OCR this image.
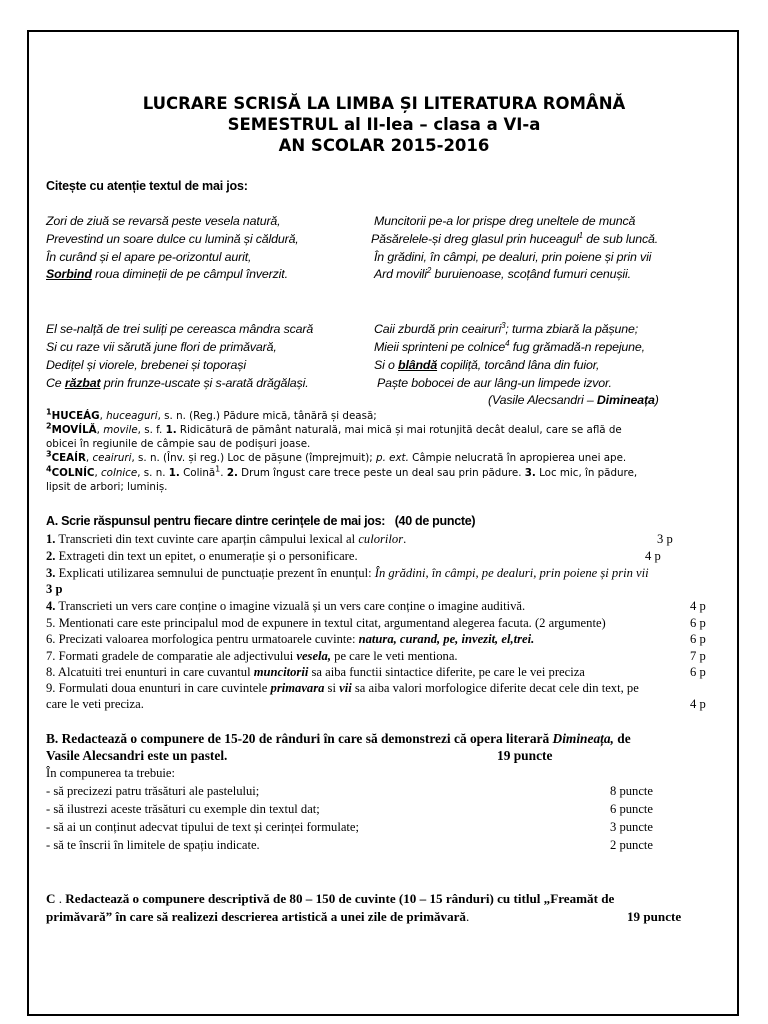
LUCRARE SCRISĂ LA LIMBA ȘI LITERATURA ROMÂNĂ
SEMESTRUL al II-lea – clasa a VI-a
AN SCOLAR 2015-2016
Citește cu atenție textul de mai jos:
Zori de ziuă se revarsă peste vesela natură,
Prevestind un soare dulce cu lumină și căldură,
În curând și el apare pe-orizontul aurit,
Sorbind roua dimineții de pe câmpul înverzit.
Muncitorii pe-a lor prispe dreg uneltele de muncă
Păsărelele-și dreg glasul prin huceagul$^1$ de sub luncă.
În grădini, în câmpi, pe dealuri, prin poiene și prin vii
Ard movili$^2$ buruienoase, scoțând fumuri cenușii.
El se-nalță de trei suliți pe cereasca mândra scară
Si cu raze vii sărută june flori de primăvară,
Dedițel și viorele, brebenei și toporași
Ce răzbat prin frunze-uscate și s-arată drăgălași.
Caii zburdă prin ceairuri$^3$; turma zbiară la pășune;
Mieii sprinteni pe colnice$^4$ fug grămadă-n repejune,
Si o blândă copiliță, torcând lâna din fuior,
Paște bobocei de aur lâng-un limpede izvor.
(Vasile Alecsandri – Dimineața)
$^1$HUCEÁG, huceaguri, s. n. (Reg.) Pădure mică, tânără și deasă;
$^2$MOVÍLĂ, movile, s. f. 1. Ridicătură de pământ naturală, mai mică și mai rotunjită decât dealul, care se află de
obicei în regiunile de câmpie sau de podișuri joase.
$^3$CEAÍR, ceairuri, s. n. (Înv. și reg.) Loc de pășune (împrejmuit); p. ext. Câmpie nelucrată în apropierea unei ape.
$^4$COLNÍC, colnice, s. n. 1. Colină$^1$. 2. Drum îngust care trece peste un deal sau prin pădure. 3. Loc mic, în pădure,
lipsit de arbori; luminiș.
A. Scrie răspunsul pentru fiecare dintre cerințele de mai jos: (40 de puncte)
1. Transcrieti din text cuvinte care aparțin câmpului lexical al culorilor.	3 p
2. Extrageti din text un epitet, o enumerație și o personificare.	4 p
3. Explicati utilizarea semnului de punctuație prezent în enunțul: În grădini, în câmpi, pe dealuri, prin poiene și prin vii
3 p
4. Transcrieti un vers care conține o imagine vizuală și un vers care conține o imagine auditivă.	4 p
5. Mentionati care este principalul mod de expunere in textul citat, argumentand alegerea facuta. (2 argumente)	6 p
6. Precizati valoarea morfologica pentru urmatoarele cuvinte: natura, curand, pe, invezit, el,trei.	6 p
7. Formati gradele de comparatie ale adjectivului vesela, pe care le veti mentiona.	7 p
8. Alcatuiti trei enunturi in care cuvantul muncitorii sa aiba functii sintactice diferite, pe care le vei preciza	6 p
9. Formulati doua enunturi in care cuvintele primavara si vii sa aiba valori morfologice diferite decat cele din text, pe
care le veti preciza.	4 p
B. Redactează o compunere de 15-20 de rânduri în care să demonstrezi că opera literară Dimineața, de
Vasile Alecsandri este un pastel.	19 puncte
În compunerea ta trebuie:
- să precizezi patru trăsături ale pastelului;	8 puncte
- să ilustrezi aceste trăsături cu exemple din textul dat;	6 puncte
- să ai un conținut adecvat tipului de text și cerinței formulate;	3 puncte
- să te înscrii în limitele de spațiu indicate.	2 puncte
C . Redactează o compunere descriptivă de 80 – 150 de cuvinte (10 – 15 rânduri) cu titlul „Freamăt de
primăvară” în care să realizezi descrierea artistică a unei zile de primăvară.	19 puncte
